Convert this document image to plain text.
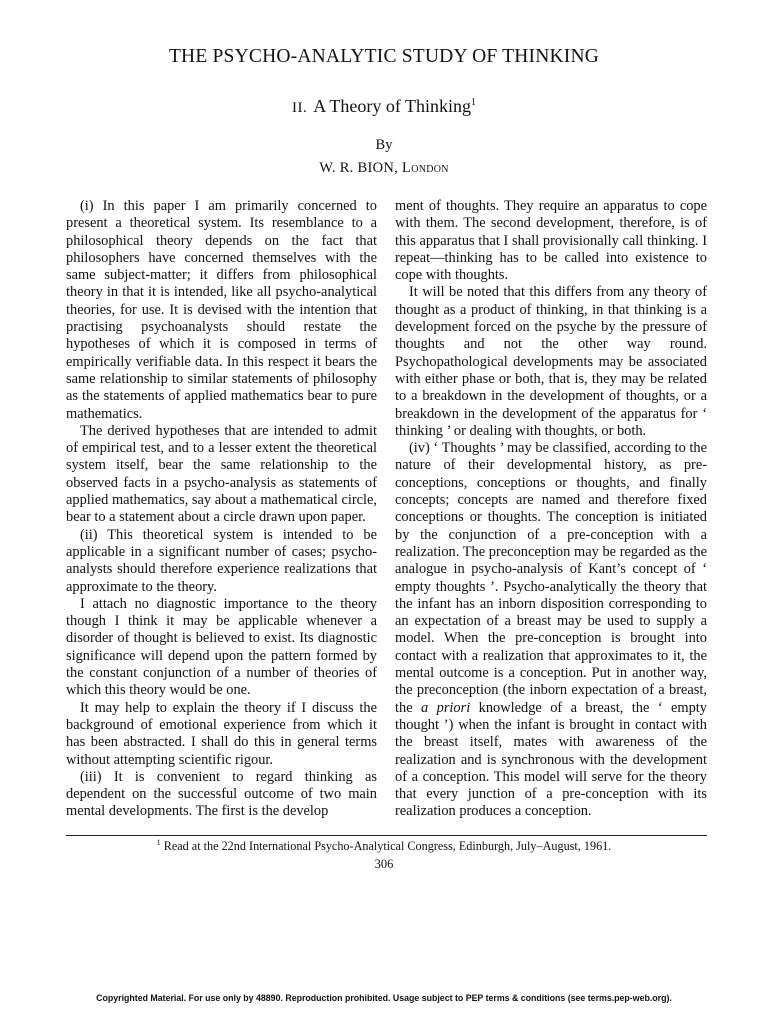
THE PSYCHO-ANALYTIC STUDY OF THINKING
II. A Theory of Thinking$^1$
By
W. R. BION, London

(i) In this paper I am primarily concerned to present a theoretical system. Its resemblance to a philosophical theory depends on the fact that philosophers have concerned themselves with the same subject-matter; it differs from philosophical theory in that it is intended, like all psycho-analytical theories, for use. It is devised with the intention that practising psychoanalysts should restate the hypotheses of which it is composed in terms of empirically verifiable data. In this respect it bears the same relationship to similar statements of philosophy as the statements of applied mathematics bear to pure mathematics.

The derived hypotheses that are intended to admit of empirical test, and to a lesser extent the theoretical system itself, bear the same relationship to the observed facts in a psycho-analysis as statements of applied mathematics, say about a mathematical circle, bear to a statement about a circle drawn upon paper.

(ii) This theoretical system is intended to be applicable in a significant number of cases; psycho-analysts should therefore experience realizations that approximate to the theory.

I attach no diagnostic importance to the theory though I think it may be applicable whenever a disorder of thought is believed to exist. Its diagnostic significance will depend upon the pattern formed by the constant conjunction of a number of theories of which this theory would be one.

It may help to explain the theory if I discuss the background of emotional experience from which it has been abstracted. I shall do this in general terms without attempting scientific rigour.

(iii) It is convenient to regard thinking as dependent on the successful outcome of two main mental developments. The first is the develop

ment of thoughts. They require an apparatus to cope with them. The second development, therefore, is of this apparatus that I shall provisionally call thinking. I repeat—thinking has to be called into existence to cope with thoughts.

It will be noted that this differs from any theory of thought as a product of thinking, in that thinking is a development forced on the psyche by the pressure of thoughts and not the other way round. Psychopathological developments may be associated with either phase or both, that is, they may be related to a breakdown in the development of thoughts, or a breakdown in the development of the apparatus for ‘ thinking ’ or dealing with thoughts, or both.

(iv) ‘ Thoughts ’ may be classified, according to the nature of their developmental history, as pre-conceptions, conceptions or thoughts, and finally concepts; concepts are named and therefore fixed conceptions or thoughts. The conception is initiated by the conjunction of a pre-conception with a realization. The preconception may be regarded as the analogue in psycho-analysis of Kant’s concept of ‘ empty thoughts ’. Psycho-analytically the theory that the infant has an inborn disposition corresponding to an expectation of a breast may be used to supply a model. When the pre-conception is brought into contact with a realization that approximates to it, the mental outcome is a conception. Put in another way, the preconception (the inborn expectation of a breast, the a priori knowledge of a breast, the ‘ empty thought ’) when the infant is brought in contact with the breast itself, mates with awareness of the realization and is synchronous with the development of a conception. This model will serve for the theory that every junction of a pre-conception with its realization produces a conception.

$^1$ Read at the 22nd International Psycho-Analytical Congress, Edinburgh, July–August, 1961.
306
Copyrighted Material. For use only by 48890. Reproduction prohibited. Usage subject to PEP terms & conditions (see terms.pep-web.org).
